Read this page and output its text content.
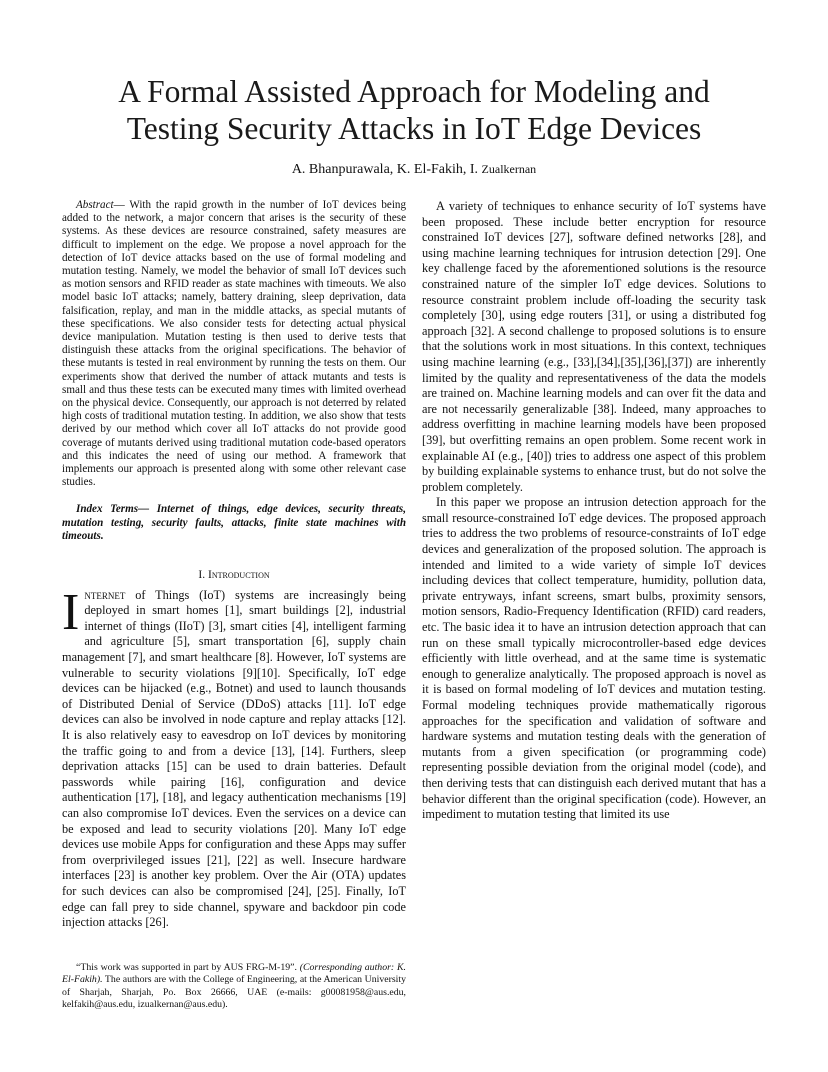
A Formal Assisted Approach for Modeling and
Testing Security Attacks in IoT Edge Devices

A. Bhanpurawala, K. El-Fakih, I. Zualkernan

Abstract— With the rapid growth in the number of IoT devices being added to the network, a major concern that arises is the security of these systems. As these devices are resource constrained, safety measures are difficult to implement on the edge. We propose a novel approach for the detection of IoT device attacks based on the use of formal modeling and mutation testing. Namely, we model the behavior of small IoT devices such as motion sensors and RFID reader as state machines with timeouts. We also model basic IoT attacks; namely, battery draining, sleep deprivation, data falsification, replay, and man in the middle attacks, as special mutants of these specifications. We also consider tests for detecting actual physical device manipulation. Mutation testing is then used to derive tests that distinguish these attacks from the original specifications. The behavior of these mutants is tested in real environment by running the tests on them. Our experiments show that derived the number of attack mutants and tests is small and thus these tests can be executed many times with limited overhead on the physical device. Consequently, our approach is not deterred by related high costs of traditional mutation testing. In addition, we also show that tests derived by our method which cover all IoT attacks do not provide good coverage of mutants derived using traditional mutation code-based operators and this indicates the need of using our method. A framework that implements our approach is presented along with some other relevant case studies.

Index Terms— Internet of things, edge devices, security threats, mutation testing, security faults, attacks, finite state machines with timeouts.

I. Introduction

Internet of Things (IoT) systems are increasingly being deployed in smart homes [1], smart buildings [2], industrial internet of things (IIoT) [3], smart cities [4], intelligent farming and agriculture [5], smart transportation [6], supply chain management [7], and smart healthcare [8]. However, IoT systems are vulnerable to security violations [9][10]. Specifically, IoT edge devices can be hijacked (e.g., Botnet) and used to launch thousands of Distributed Denial of Service (DDoS) attacks [11]. IoT edge devices can also be involved in node capture and replay attacks [12]. It is also relatively easy to eavesdrop on IoT devices by monitoring the traffic going to and from a device [13], [14]. Furthers, sleep deprivation attacks [15] can be used to drain batteries. Default passwords while pairing [16], configuration and device authentication [17], [18], and legacy authentication mechanisms [19] can also compromise IoT devices. Even the services on a device can be exposed and lead to security violations [20]. Many IoT edge devices use mobile Apps for configuration and these Apps may suffer from overprivileged issues [21], [22] as well. Insecure hardware interfaces [23] is another key problem. Over the Air (OTA) updates for such devices can also be compromised [24], [25]. Finally, IoT edge can fall prey to side channel, spyware and backdoor pin code injection attacks [26].

A variety of techniques to enhance security of IoT systems have been proposed. These include better encryption for resource constrained IoT devices [27], software defined networks [28], and using machine learning techniques for intrusion detection [29]. One key challenge faced by the aforementioned solutions is the resource constrained nature of the simpler IoT edge devices. Solutions to resource constraint problem include off-loading the security task completely [30], using edge routers [31], or using a distributed fog approach [32]. A second challenge to proposed solutions is to ensure that the solutions work in most situations. In this context, techniques using machine learning (e.g., [33],[34],[35],[36],[37]) are inherently limited by the quality and representativeness of the data the models are trained on. Machine learning models and can over fit the data and are not necessarily generalizable [38]. Indeed, many approaches to address overfitting in machine learning models have been proposed [39], but overfitting remains an open problem. Some recent work in explainable AI (e.g., [40]) tries to address one aspect of this problem by building explainable systems to enhance trust, but do not solve the problem completely.

In this paper we propose an intrusion detection approach for the small resource-constrained IoT edge devices. The proposed approach tries to address the two problems of resource-constraints of IoT edge devices and generalization of the proposed solution. The approach is intended and limited to a wide variety of simple IoT devices including devices that collect temperature, humidity, pollution data, private entryways, infant screens, smart bulbs, proximity sensors, motion sensors, Radio-Frequency Identification (RFID) card readers, etc. The basic idea it to have an intrusion detection approach that can run on these small typically microcontroller-based edge devices efficiently with little overhead, and at the same time is systematic enough to generalize analytically. The proposed approach is novel as it is based on formal modeling of IoT devices and mutation testing. Formal modeling techniques provide mathematically rigorous approaches for the specification and validation of software and hardware systems and mutation testing deals with the generation of mutants from a given specification (or programming code) representing possible deviation from the original model (code), and then deriving tests that can distinguish each derived mutant that has a behavior different than the original specification (code). However, an impediment to mutation testing that limited its use

“This work was supported in part by AUS FRG-M-19”. (Corresponding author: K. El-Fakih). The authors are with the College of Engineering, at the American University of Sharjah, Sharjah, Po. Box 26666, UAE (e-mails: g00081958@aus.edu, kelfakih@aus.edu, izualkernan@aus.edu).
